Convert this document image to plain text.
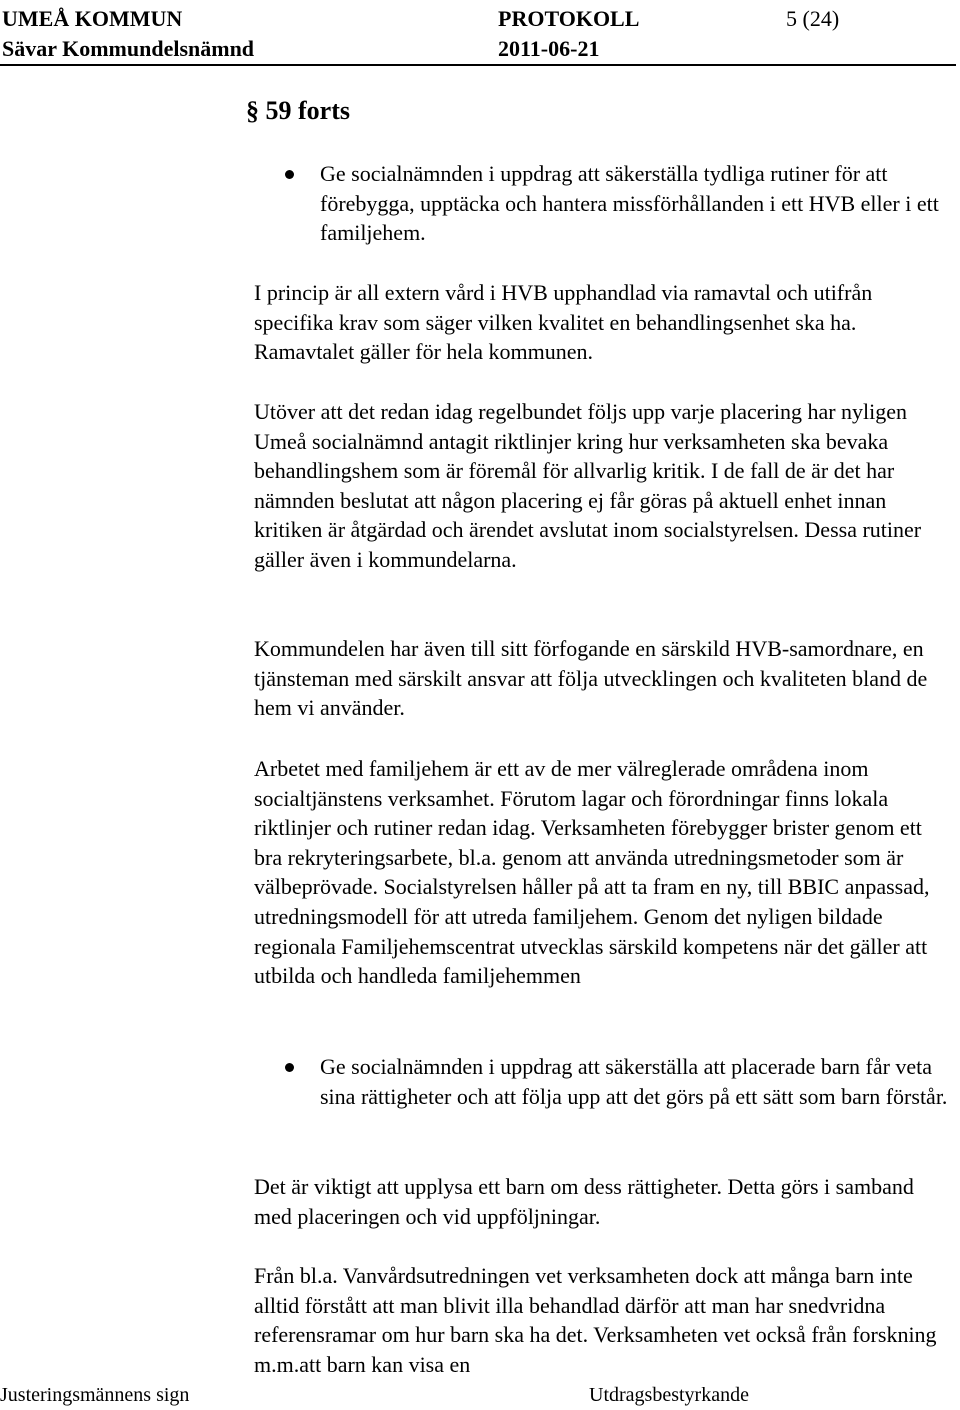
UMEÅ KOMMUN	PROTOKOLL	5 (24)
Sävar Kommundelsnämnd	2011-06-21
§ 59 forts
Ge socialnämnden i uppdrag att säkerställa tydliga rutiner för att förebygga, upptäcka och hantera missförhållanden i ett HVB eller i ett familjehem.

I princip är all extern vård i HVB upphandlad via ramavtal och utifrån specifika krav som säger vilken kvalitet en behandlingsenhet ska ha. Ramavtalet gäller för hela kommunen.

Utöver att det redan idag regelbundet följs upp varje placering har nyligen Umeå socialnämnd antagit riktlinjer kring hur verksamheten ska bevaka behandlingshem som är föremål för allvarlig kritik. I de fall de är det har nämnden beslutat att någon placering ej får göras på aktuell enhet innan kritiken är åtgärdad och ärendet avslutat inom socialstyrelsen. Dessa rutiner gäller även i kommundelarna.

Kommundelen har även till sitt förfogande en särskild HVB-samordnare, en tjänsteman med särskilt ansvar att följa utvecklingen och kvaliteten bland de hem vi använder.

Arbetet med familjehem är ett av de mer välreglerade områdena inom socialtjänstens verksamhet. Förutom lagar och förordningar finns lokala riktlinjer och rutiner redan idag. Verksamheten förebygger brister genom ett bra rekryteringsarbete, bl.a. genom att använda utredningsmetoder som är välbeprövade. Socialstyrelsen håller på att ta fram en ny, till BBIC anpassad, utredningsmodell för att utreda familjehem. Genom det nyligen bildade regionala Familjehemscentrat utvecklas särskild kompetens när det gäller att utbilda och handleda familjehemmen

Ge socialnämnden i uppdrag att säkerställa att placerade barn får veta sina rättigheter och att följa upp att det görs på ett sätt som barn förstår.

Det är viktigt att upplysa ett barn om dess rättigheter. Detta görs i samband med placeringen och vid uppföljningar.

Från bl.a. Vanvårdsutredningen vet verksamheten dock att många barn inte alltid förstått att man blivit illa behandlad därför att man har snedvridna referensramar om hur barn ska ha det. Verksamheten vet också från forskning m.m.att barn kan visa en

Justeringsmännens sign	Utdragsbestyrkande
